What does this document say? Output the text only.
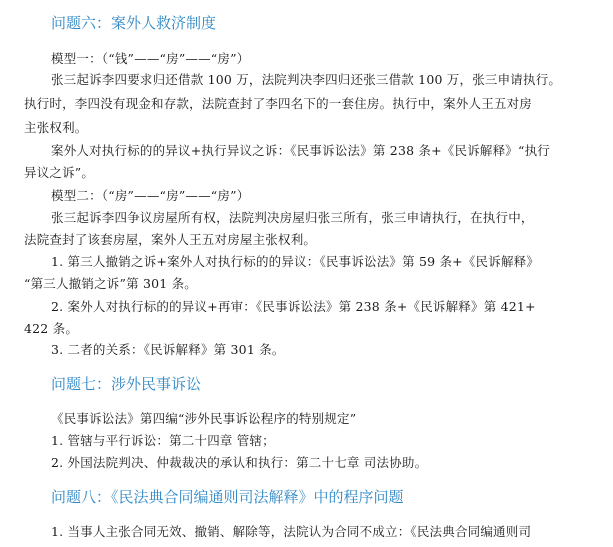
问题六：案外人救济制度
模型一：（“钱”——“房”——“房”）
张三起诉李四要求归还借款 100 万，法院判决李四归还张三借款 100 万，张三申请执行。
执行时，李四没有现金和存款，法院查封了李四名下的一套住房。执行中，案外人王五对房
主张权利。
案外人对执行标的的异议+执行异议之诉：《民事诉讼法》第 238 条+《民诉解释》“执行
异议之诉”。
模型二：（“房”——“房”——“房”）
张三起诉李四争议房屋所有权，法院判决房屋归张三所有，张三申请执行，在执行中，
法院查封了该套房屋，案外人王五对房屋主张权利。
1. 第三人撤销之诉+案外人对执行标的的异议：《民事诉讼法》第 59 条+《民诉解释》
“第三人撤销之诉”第 301 条。
2. 案外人对执行标的的异议+再审：《民事诉讼法》第 238 条+《民诉解释》第 421+
422 条。
3. 二者的关系：《民诉解释》第 301 条。
问题七：涉外民事诉讼
《民事诉讼法》第四编“涉外民事诉讼程序的特别规定”
1. 管辖与平行诉讼：第二十四章 管辖；
2. 外国法院判决、仲裁裁决的承认和执行：第二十七章 司法协助。
问题八：《民法典合同编通则司法解释》中的程序问题
1. 当事人主张合同无效、撤销、解除等，法院认为合同不成立：《民法典合同编通则司
